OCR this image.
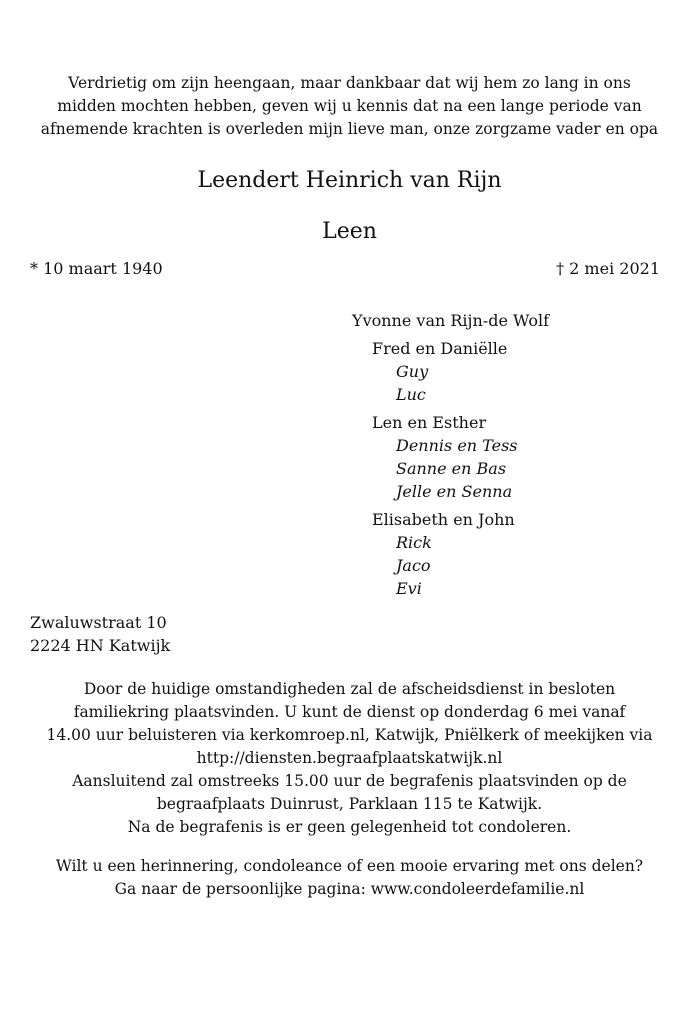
Verdrietig om zijn heengaan, maar dankbaar dat wij hem zo lang in ons
midden mochten hebben, geven wij u kennis dat na een lange periode van
afnemende krachten is overleden mijn lieve man, onze zorgzame vader en opa
Leendert Heinrich van Rijn
Leen
* 10 maart 1940	† 2 mei 2021
Yvonne van Rijn-de Wolf
Fred en Daniëlle
Guy
Luc
Len en Esther
Dennis en Tess
Sanne en Bas
Jelle en Senna
Elisabeth en John
Rick
Jaco
Evi
Zwaluwstraat 10
2224 HN Katwijk
Door de huidige omstandigheden zal de afscheidsdienst in besloten
familiekring plaatsvinden. U kunt de dienst op donderdag 6 mei vanaf
14.00 uur beluisteren via kerkomroep.nl, Katwijk, Pniëlkerk of meekijken via
http://diensten.begraafplaatskatwijk.nl
Aansluitend zal omstreeks 15.00 uur de begrafenis plaatsvinden op de
begraafplaats Duinrust, Parklaan 115 te Katwijk.
Na de begrafenis is er geen gelegenheid tot condoleren.
Wilt u een herinnering, condoleance of een mooie ervaring met ons delen?
Ga naar de persoonlijke pagina: www.condoleerdefamilie.nl
